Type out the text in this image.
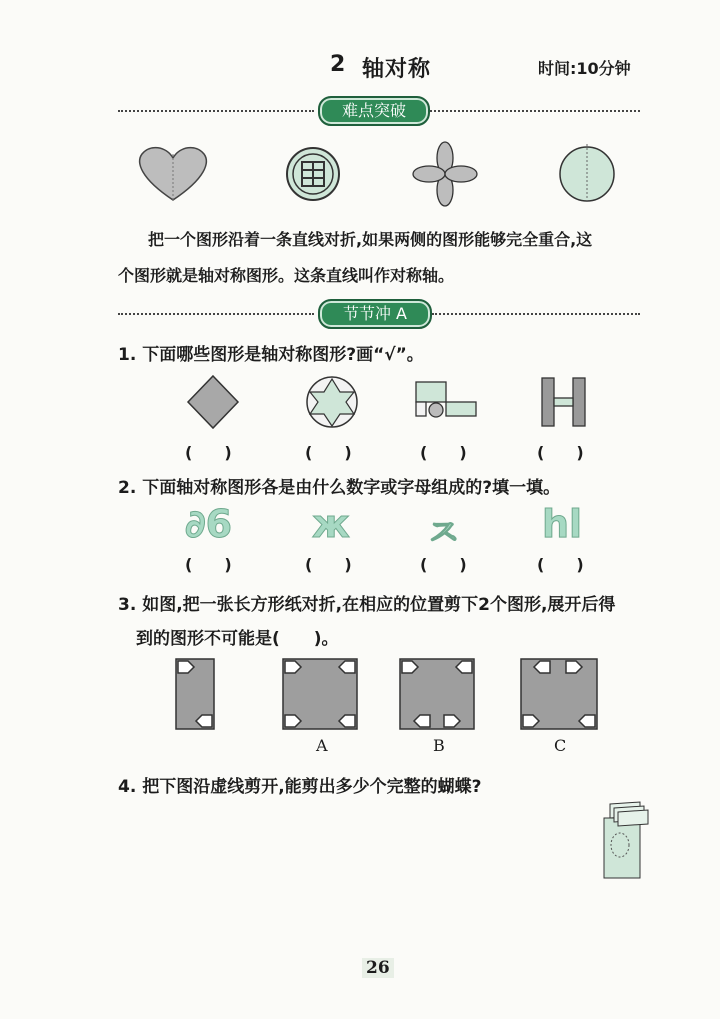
2 轴对称	时间:10分钟
难点突破
把一个图形沿着一条直线对折,如果两侧的图形能够完全重合,这
个图形就是轴对称图形。这条直线叫作对称轴。
节节冲 A
1. 下面哪些图形是轴对称图形?画“√”。
(　　)	(　　)	(　　)	(　　)
2. 下面轴对称图形各是由什么数字或字母组成的?填一填。
∂6 ж ㅈ hl
(　　)	(　　)	(　　)	(　　)
3. 如图,把一张长方形纸对折,在相应的位置剪下2个图形,展开后得
到的图形不可能是(　　)。
A	B	C
4. 把下图沿虚线剪开,能剪出多少个完整的蝴蝶?
26
